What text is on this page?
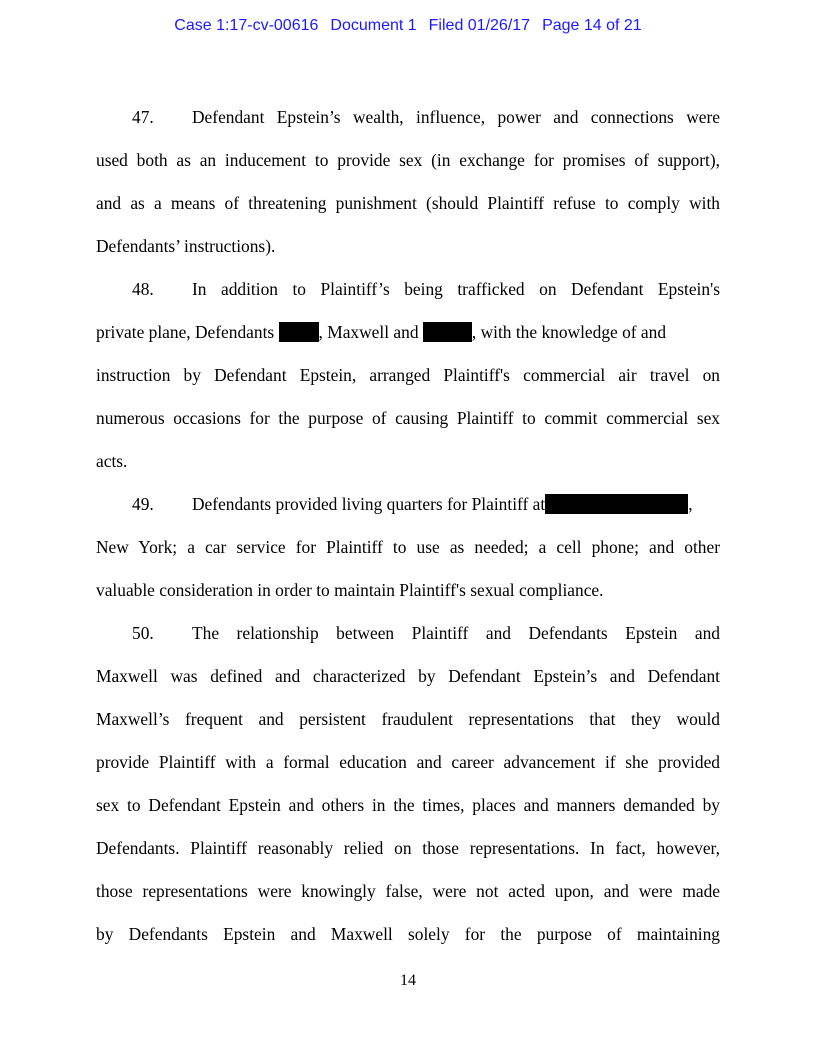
Case 1:17-cv-00616 Document 1 Filed 01/26/17 Page 14 of 21
47. Defendant Epstein’s wealth, influence, power and connections were
used both as an inducement to provide sex (in exchange for promises of support),
and as a means of threatening punishment (should Plaintiff refuse to comply with
Defendants’ instructions).
48. In addition to Plaintiff’s being trafficked on Defendant Epstein's
private plane, Defendants	, Maxwell and	, with the knowledge of and
instruction by Defendant Epstein, arranged Plaintiff's commercial air travel on
numerous occasions for the purpose of causing Plaintiff to commit commercial sex
acts.
49. Defendants provided living quarters for Plaintiff at	,
New York; a car service for Plaintiff to use as needed; a cell phone; and other
valuable consideration in order to maintain Plaintiff's sexual compliance.
50. The relationship between Plaintiff and Defendants Epstein and
Maxwell was defined and characterized by Defendant Epstein’s and Defendant
Maxwell’s frequent and persistent fraudulent representations that they would
provide Plaintiff with a formal education and career advancement if she provided
sex to Defendant Epstein and others in the times, places and manners demanded by
Defendants. Plaintiff reasonably relied on those representations. In fact, however,
those representations were knowingly false, were not acted upon, and were made
by Defendants Epstein and Maxwell solely for the purpose of maintaining
14
